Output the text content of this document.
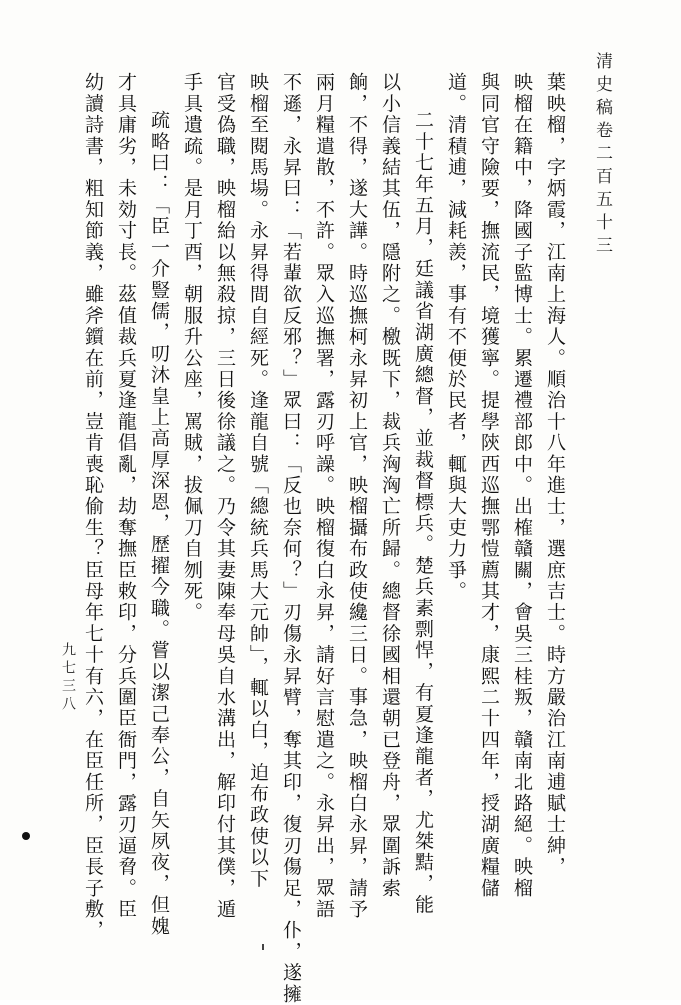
清史稿卷二百五十三
九七三八	葉映榴，字炳霞，江南上海人。順治十八年進士，選庶吉士。時方嚴治江南逋賦士紳，

映榴在籍中，降國子監博士。累遷禮部郎中。出榷贛關，會吳三桂叛，贛南北路絕。映榴

與同官守險要，撫流民，境獲寧。提學陝西巡撫鄂愷薦其才，康熙二十四年，授湖廣糧儲

道。清積逋，減耗羨，事有不便於民者，輒與大吏力爭。

二十七年五月，廷議省湖廣總督，並裁督標兵。楚兵素剽悍，有夏逢龍者，尤桀黠，能

以小信義結其伍，隱附之。檄既下，裁兵洶洶亡所歸。總督徐國相還朝已登舟，眾圍訴索

餉，不得，遂大譁。時巡撫柯永昇初上官，映榴攝布政使纔三日。事急，映榴白永昇，請予

兩月糧遣散，不許。眾入巡撫署，露刃呼譟。映榴復白永昇，請好言慰遣之。永昇出，眾語

不遜，永昇曰：「若輩欲反邪？」眾曰：「反也奈何？」刃傷永昇臂，奪其印，復刃傷足，仆，遂擁

映榴至閱馬場。永昇得間自經死。逢龍自號「總統兵馬大元帥」，輒以白，迫布政使以下

官受偽職，映榴紿以無殺掠，三日後徐議之。乃令其妻陳奉母吳自水溝出，解印付其僕，遁

手具遺疏。是月丁酉，朝服升公座，罵賊，拔佩刀自刎死。

疏略曰：「臣一介豎儒，叨沐皇上高厚深恩，歷擢今職。嘗以潔己奉公，自矢夙夜，但媿

才具庸劣，未効寸長。茲值裁兵夏逢龍倡亂，劫奪撫臣敕印，分兵圍臣衙門，露刃逼脅。臣

幼讀詩書，粗知節義，雖斧鑕在前，豈肯喪恥偷生？臣母年七十有六，在臣任所，臣長子敷，
